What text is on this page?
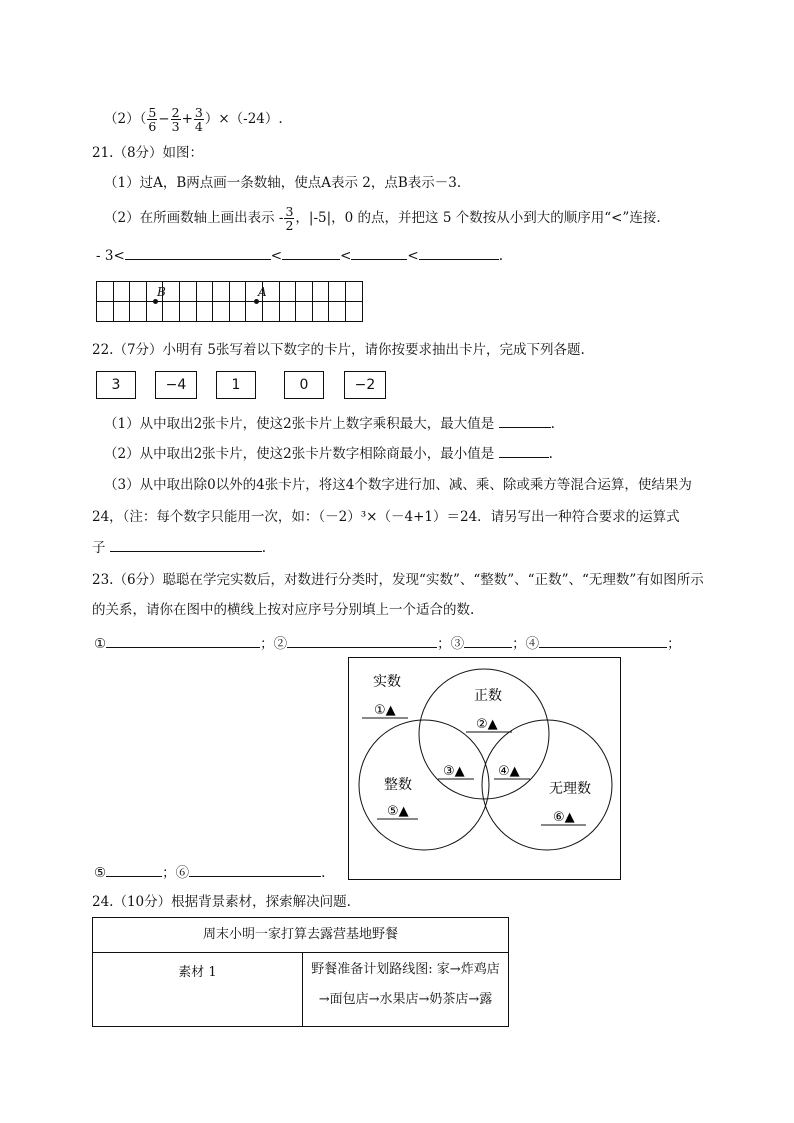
$(2)( \frac{5}{6} - \frac{2}{3} + \frac{3}{4} )\times(-24)$.
21.（8分）如图：
（1）过A，B两点画一条数轴，使点A表示 2，点B表示－3.
（2）在所画数轴上画出表示 - $\frac{3}{2}$ ，|-5|，0 的点，并把这 5 个数按从小到大的顺序用“<”连接.
- 3<	<	<	<	.

B	A
22.（7分）小明有 5张写着以下数字的卡片，请你按要求抽出卡片，完成下列各题.
3	−4	1	0	−2
（1）从中取出2张卡片，使这2张卡片上数字乘积最大，最大值是	.
（2）从中取出2张卡片，使这2张卡片数字相除商最小，最小值是	.
（3）从中取出除0以外的4张卡片，将这4个数字进行加、减、乘、除或乘方等混合运算，使结果为
24，（注：每个数字只能用一次，如：（－2）³×（－4+1）＝24．请另写出一种符合要求的运算式
子	.
23.（6分）聪聪在学完实数后，对数进行分类时，发现“实数”、“整数”、“正数”、“无理数”有如图所示
的关系，请你在图中的横线上按对应序号分别填上一个适合的数.
①	；②	；③	；④	；
实数
正数
整数	无理数
①▲
②▲
③▲	④▲
⑤▲	⑥▲
⑤	；⑥	.
24.（10分）根据背景素材，探索解决问题.
周末小明一家打算去露营基地野餐
素材 1	野餐准备计划路线图: 家→炸鸡店
→面包店→水果店→奶茶店→露
